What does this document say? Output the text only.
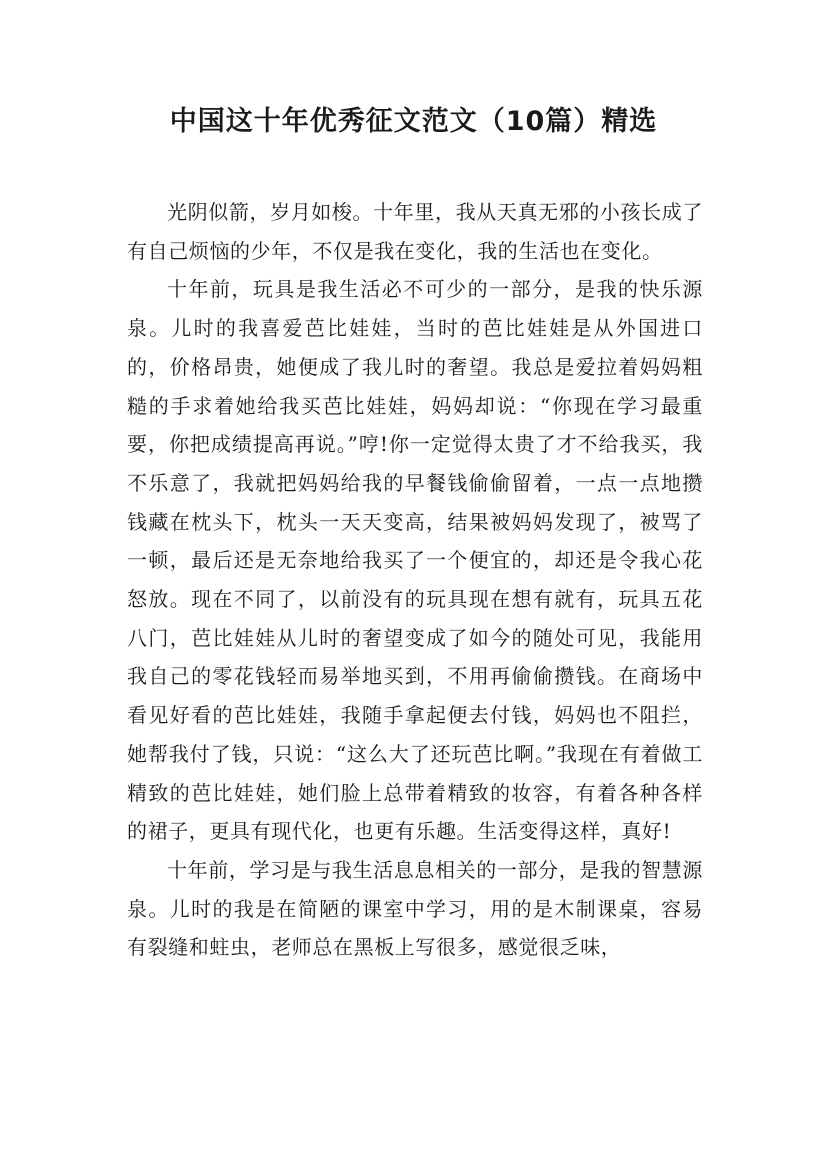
中国这十年优秀征文范文（10篇）精选

光阴似箭，岁月如梭。十年里，我从天真无邪的小孩长成了有自己烦恼的少年，不仅是我在变化，我的生活也在变化。

十年前，玩具是我生活必不可少的一部分，是我的快乐源泉。儿时的我喜爱芭比娃娃，当时的芭比娃娃是从外国进口的，价格昂贵，她便成了我儿时的奢望。我总是爱拉着妈妈粗糙的手求着她给我买芭比娃娃，妈妈却说：“你现在学习最重要，你把成绩提高再说。”哼!你一定觉得太贵了才不给我买，我不乐意了，我就把妈妈给我的早餐钱偷偷留着，一点一点地攒钱藏在枕头下，枕头一天天变高，结果被妈妈发现了，被骂了一顿，最后还是无奈地给我买了一个便宜的，却还是令我心花怒放。现在不同了，以前没有的玩具现在想有就有，玩具五花八门，芭比娃娃从儿时的奢望变成了如今的随处可见，我能用我自己的零花钱轻而易举地买到，不用再偷偷攒钱。在商场中看见好看的芭比娃娃，我随手拿起便去付钱，妈妈也不阻拦，她帮我付了钱，只说：“这么大了还玩芭比啊。”我现在有着做工精致的芭比娃娃，她们脸上总带着精致的妆容，有着各种各样的裙子，更具有现代化，也更有乐趣。生活变得这样，真好!

十年前，学习是与我生活息息相关的一部分，是我的智慧源泉。儿时的我是在简陋的课室中学习，用的是木制课桌，容易有裂缝和蛀虫，老师总在黑板上写很多，感觉很乏味，
